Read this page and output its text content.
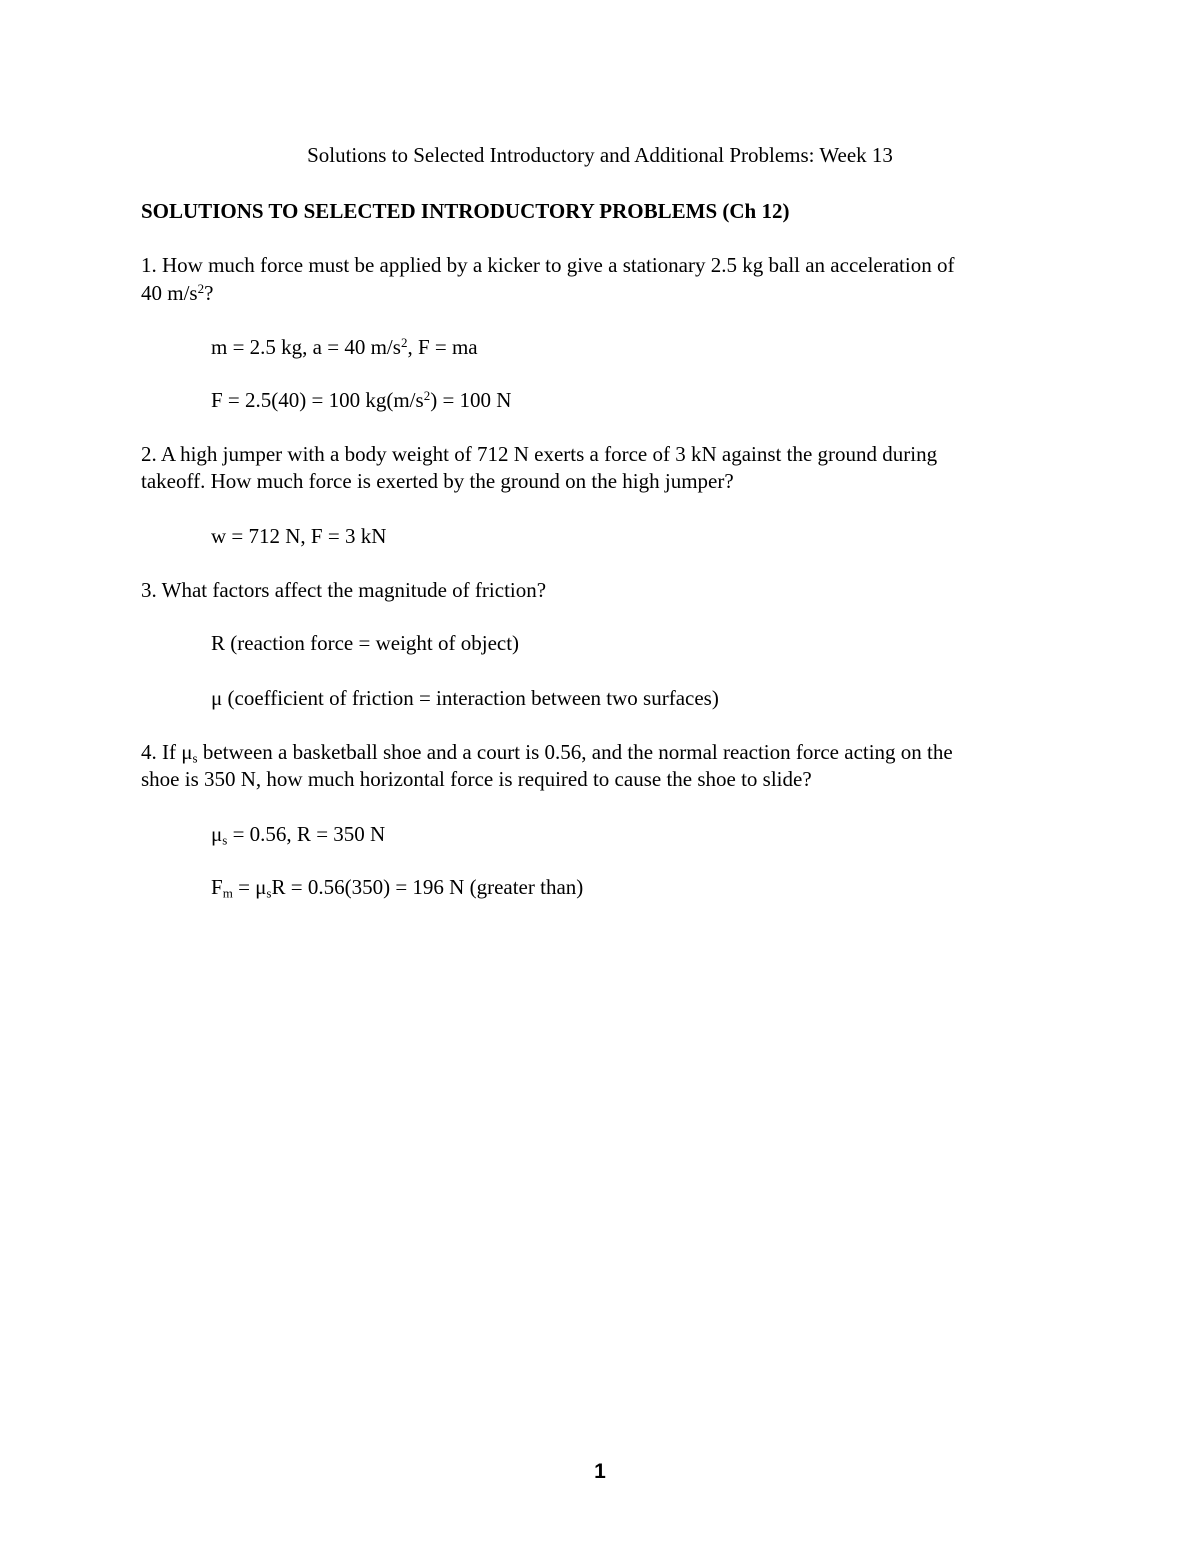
Solutions to Selected Introductory and Additional Problems: Week 13
SOLUTIONS TO SELECTED INTRODUCTORY PROBLEMS (Ch 12)
1. How much force must be applied by a kicker to give a stationary 2.5 kg ball an acceleration of
40 $m/s^2$?
m = 2.5 kg, a = 40 $m/s^2$, F = ma
F = 2.5(40) = 100 $kg(m/s^2) = 100$ N
2. A high jumper with a body weight of 712 N exerts a force of 3 kN against the ground during
takeoff. How much force is exerted by the ground on the high jumper?
w = 712 N, F = 3 kN
3. What factors affect the magnitude of friction?
R (reaction force = weight of object)
μ (coefficient of friction = interaction between two surfaces)
4. If $\mu_s$ between a basketball shoe and a court is 0.56, and the normal reaction force acting on the
shoe is 350 N, how much horizontal force is required to cause the shoe to slide?
$\mu_s = 0.56$, R = 350 N
$F_m = \mu_sR = 0.56(350) = 196$ N (greater than)
1
